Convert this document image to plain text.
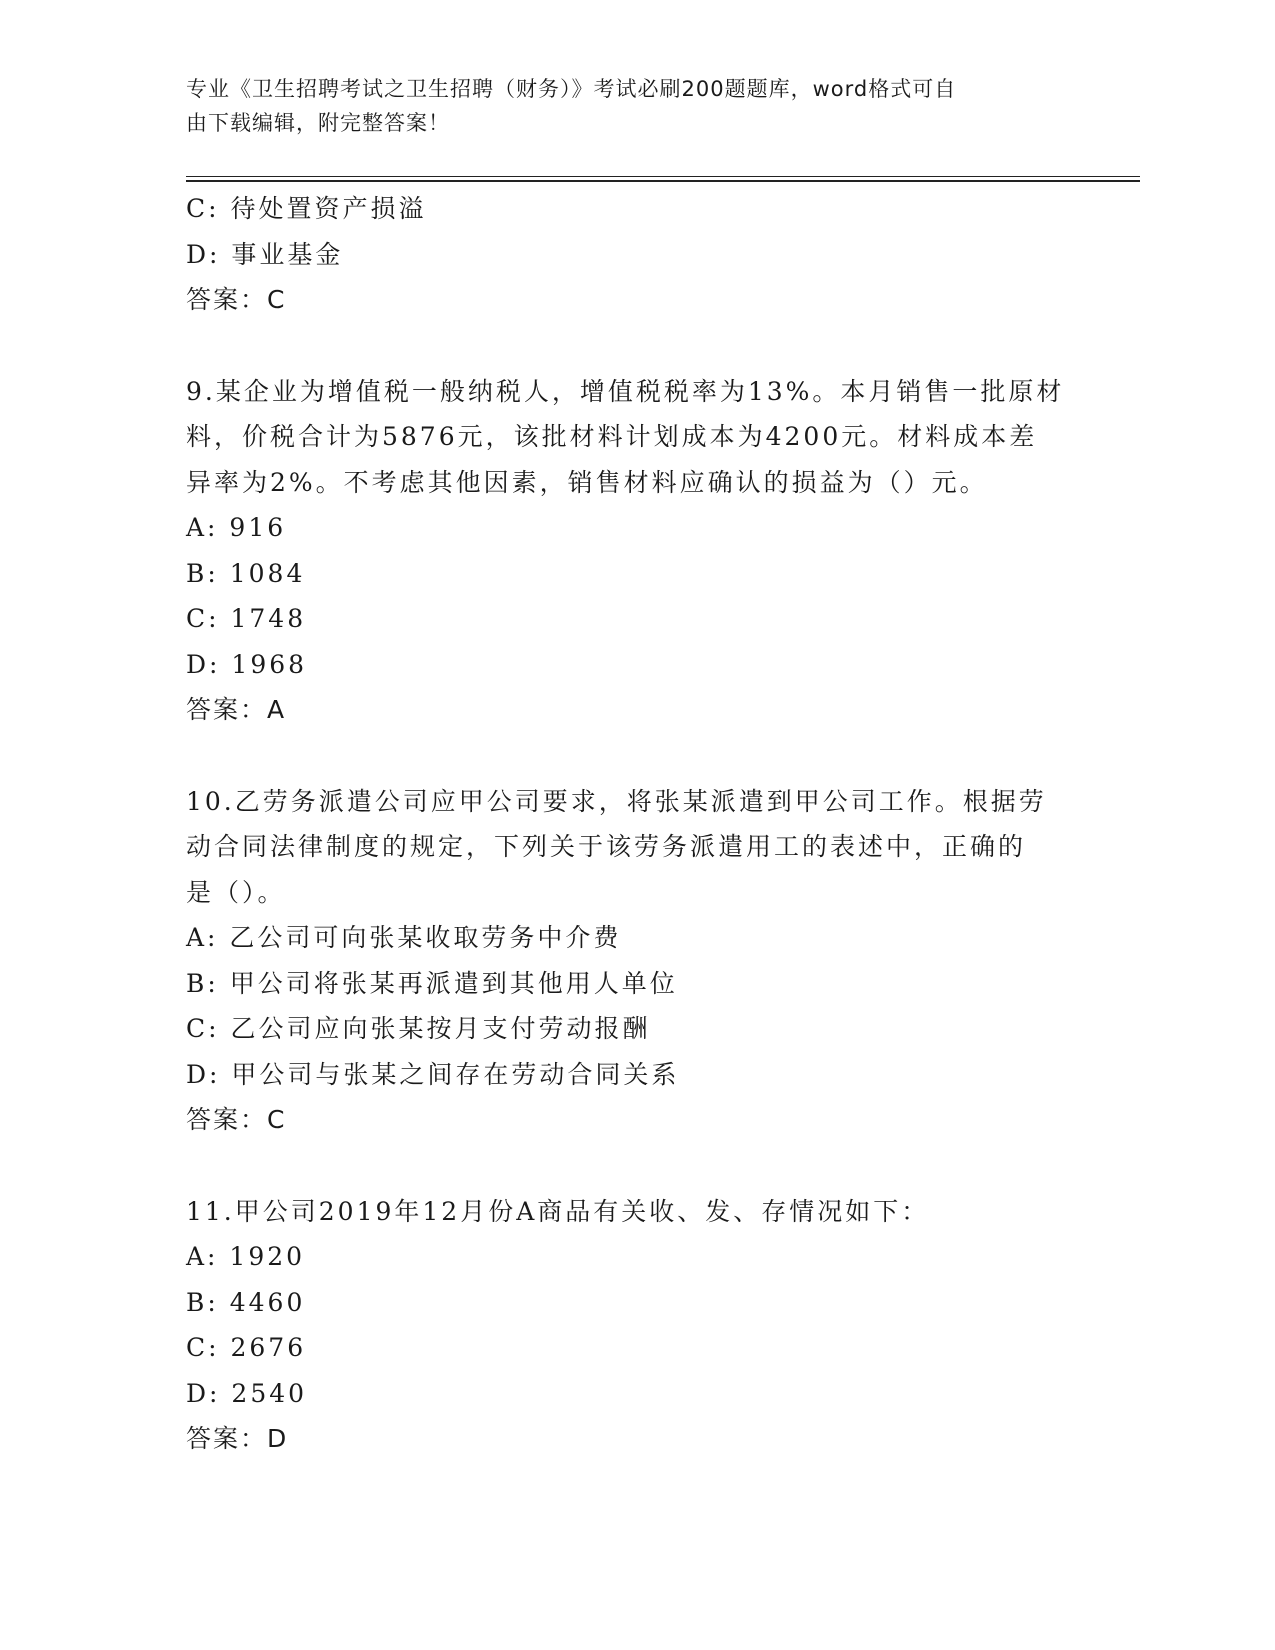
专业《卫生招聘考试之卫生招聘（财务）》考试必刷200题题库，word格式可自
由下载编辑，附完整答案！
C: 待处置资产损溢
D: 事业基金
答案：C
9.某企业为增值税一般纳税人，增值税税率为13%。本月销售一批原材
料，价税合计为5876元，该批材料计划成本为4200元。材料成本差
异率为2%。不考虑其他因素，销售材料应确认的损益为（）元。
A: 916
B: 1084
C: 1748
D: 1968
答案：A
10.乙劳务派遣公司应甲公司要求，将张某派遣到甲公司工作。根据劳
动合同法律制度的规定，下列关于该劳务派遣用工的表述中，正确的
是（）。
A: 乙公司可向张某收取劳务中介费
B: 甲公司将张某再派遣到其他用人单位
C: 乙公司应向张某按月支付劳动报酬
D: 甲公司与张某之间存在劳动合同关系
答案：C
11.甲公司2019年12月份A商品有关收、发、存情况如下：
A: 1920
B: 4460
C: 2676
D: 2540
答案：D
